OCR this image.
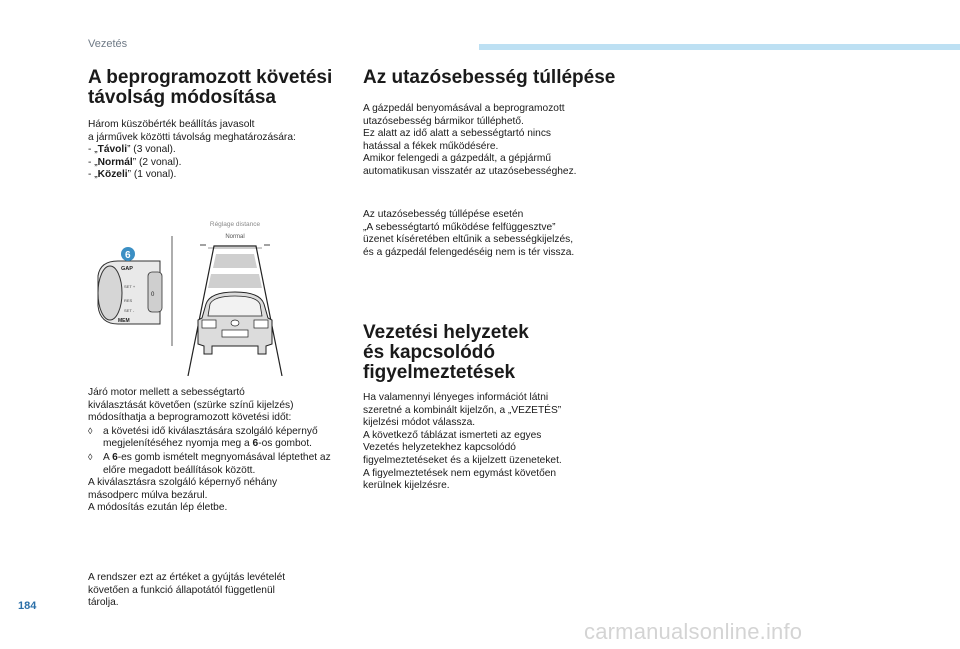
Vezetés
A beprogramozott követési távolság módosítása

Három küszöbérték beállítás javasolt

a járművek közötti távolság meghatározására:

- „Távoli” (3 vonal).

- „Normál” (2 vonal).

- „Közeli” (1 vonal).

GAP
SET +
RES
SET -
0
MEM
6
Réglage distance
Normal

Járó motor mellett a sebességtartó

kiválasztását követően (szürke színű kijelzés)

módosíthatja a beprogramozott követési időt:

◊ a követési idő kiválasztására szolgáló képernyő megjelenítéséhez nyomja meg a 6-os gombot.

◊ A 6-es gomb ismételt megnyomásával léptethet az előre megadott beállítások között.

A kiválasztásra szolgáló képernyő néhány

másodperc múlva bezárul.

A módosítás ezután lép életbe.

A rendszer ezt az értéket a gyújtás levételét

követően a funkció állapotától függetlenül

tárolja.

Az utazósebesség túllépése

A gázpedál benyomásával a beprogramozott

utazósebesség bármikor túlléphető.

Ez alatt az idő alatt a sebességtartó nincs

hatással a fékek működésére.

Amikor felengedi a gázpedált, a gépjármű

automatikusan visszatér az utazósebességhez.

Az utazósebesség túllépése esetén

„A sebességtartó működése felfüggesztve”

üzenet kíséretében eltűnik a sebességkijelzés,

és a gázpedál felengedéséig nem is tér vissza.

Vezetési helyzetek
és kapcsolódó
figyelmeztetések

Ha valamennyi lényeges információt látni

szeretné a kombinált kijelzőn, a „VEZETÉS”

kijelzési módot válassza.

A következő táblázat ismerteti az egyes

Vezetés helyzetekhez kapcsolódó

figyelmeztetéseket és a kijelzett üzeneteket.

A figyelmeztetések nem egymást követően

kerülnek kijelzésre.

184
carmanualsonline.info
